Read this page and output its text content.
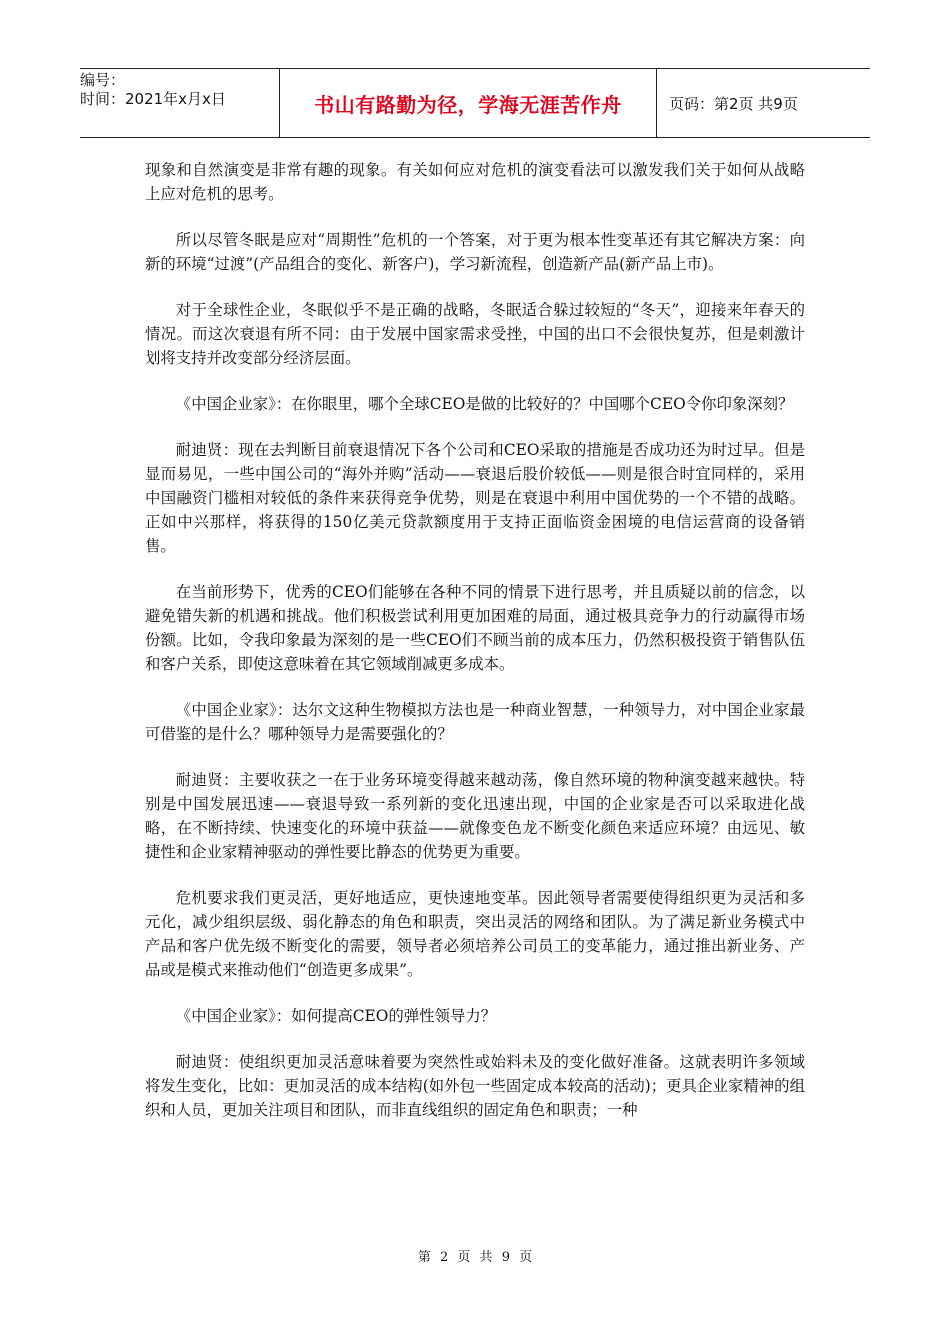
编号：
时间：2021年x月x日	书山有路勤为径，学海无涯苦作舟	页码：第2页 共9页

现象和自然演变是非常有趣的现象。有关如何应对危机的演变看法可以激发我们关于如何从战略上应对危机的思考。

所以尽管冬眠是应对“周期性”危机的一个答案，对于更为根本性变革还有其它解决方案：向新的环境“过渡”(产品组合的变化、新客户)，学习新流程，创造新产品(新产品上市)。

对于全球性企业，冬眠似乎不是正确的战略，冬眠适合躲过较短的“冬天”，迎接来年春天的情况。而这次衰退有所不同：由于发展中国家需求受挫，中国的出口不会很快复苏，但是刺激计划将支持并改变部分经济层面。

《中国企业家》：在你眼里，哪个全球CEO是做的比较好的？中国哪个CEO令你印象深刻？

耐迪贤：现在去判断目前衰退情况下各个公司和CEO采取的措施是否成功还为时过早。但是显而易见，一些中国公司的“海外并购”活动——衰退后股价较低——则是很合时宜同样的，采用中国融资门槛相对较低的条件来获得竞争优势，则是在衰退中利用中国优势的一个不错的战略。正如中兴那样，将获得的150亿美元贷款额度用于支持正面临资金困境的电信运营商的设备销售。

在当前形势下，优秀的CEO们能够在各种不同的情景下进行思考，并且质疑以前的信念，以避免错失新的机遇和挑战。他们积极尝试利用更加困难的局面，通过极具竞争力的行动赢得市场份额。比如，令我印象最为深刻的是一些CEO们不顾当前的成本压力，仍然积极投资于销售队伍和客户关系，即使这意味着在其它领域削减更多成本。

《中国企业家》：达尔文这种生物模拟方法也是一种商业智慧，一种领导力，对中国企业家最可借鉴的是什么？哪种领导力是需要强化的？

耐迪贤：主要收获之一在于业务环境变得越来越动荡，像自然环境的物种演变越来越快。特别是中国发展迅速——衰退导致一系列新的变化迅速出现，中国的企业家是否可以采取进化战略，在不断持续、快速变化的环境中获益——就像变色龙不断变化颜色来适应环境？由远见、敏捷性和企业家精神驱动的弹性要比静态的优势更为重要。

危机要求我们更灵活，更好地适应，更快速地变革。因此领导者需要使得组织更为灵活和多元化，减少组织层级、弱化静态的角色和职责，突出灵活的网络和团队。为了满足新业务模式中产品和客户优先级不断变化的需要，领导者必须培养公司员工的变革能力，通过推出新业务、产品或是模式来推动他们“创造更多成果”。

《中国企业家》：如何提高CEO的弹性领导力？

耐迪贤：使组织更加灵活意味着要为突然性或始料未及的变化做好准备。这就表明许多领域将发生变化，比如：更加灵活的成本结构(如外包一些固定成本较高的活动)；更具企业家精神的组织和人员，更加关注项目和团队，而非直线组织的固定角色和职责；一种

第 2 页 共 9 页
